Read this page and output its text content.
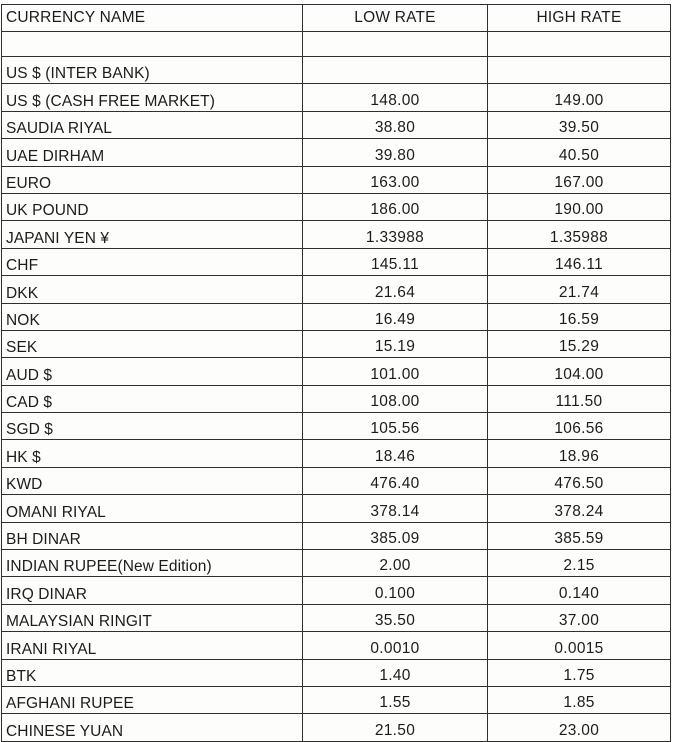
CURRENCY NAME	LOW RATE	HIGH RATE

US $ (INTER BANK)		
US $ (CASH FREE MARKET)	148.00	149.00
SAUDIA RIYAL	38.80	39.50
UAE DIRHAM	39.80	40.50
EURO	163.00	167.00
UK POUND	186.00	190.00
JAPANI YEN ¥	1.33988	1.35988
CHF	145.11	146.11
DKK	21.64	21.74
NOK	16.49	16.59
SEK	15.19	15.29
AUD $	101.00	104.00
CAD $	108.00	111.50
SGD $	105.56	106.56
HK $	18.46	18.96
KWD	476.40	476.50
OMANI RIYAL	378.14	378.24
BH DINAR	385.09	385.59
INDIAN RUPEE(New Edition)	2.00	2.15
IRQ DINAR	0.100	0.140
MALAYSIAN RINGIT	35.50	37.00
IRANI RIYAL	0.0010	0.0015
BTK	1.40	1.75
AFGHANI RUPEE	1.55	1.85
CHINESE YUAN	21.50	23.00
